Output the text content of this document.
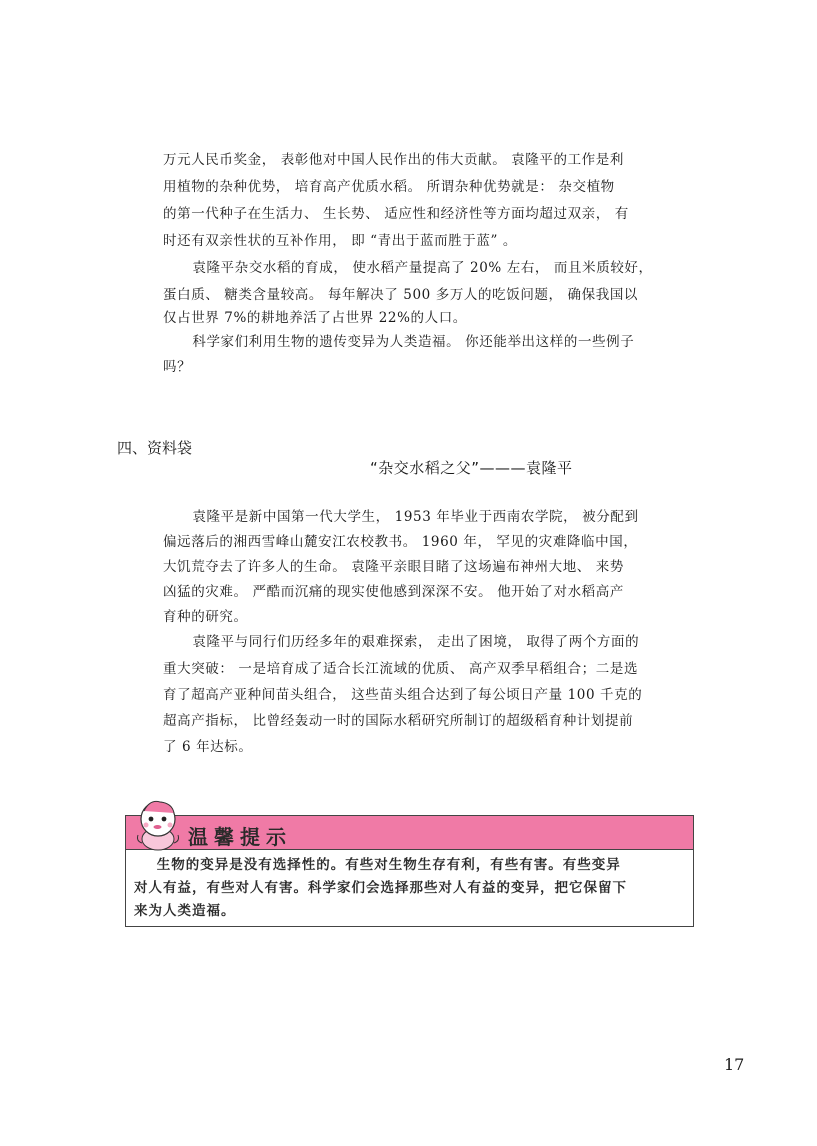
万元人民币奖金， 表彰他对中国人民作出的伟大贡献。 袁隆平的工作是利
用植物的杂种优势， 培育高产优质水稻。 所谓杂种优势就是： 杂交植物
的第一代种子在生活力、 生长势、 适应性和经济性等方面均超过双亲， 有
时还有双亲性状的互补作用， 即 “青出于蓝而胜于蓝” 。
袁隆平杂交水稻的育成， 使水稻产量提高了 20% 左右， 而且米质较好，
蛋白质、 糖类含量较高。 每年解决了 500 多万人的吃饭问题， 确保我国以
仅占世界 7%的耕地养活了占世界 22%的人口。
科学家们利用生物的遗传变异为人类造福。 你还能举出这样的一些例子
吗？
四、资料袋
“杂交水稻之父”———袁隆平
袁隆平是新中国第一代大学生， 1953 年毕业于西南农学院， 被分配到
偏远落后的湘西雪峰山麓安江农校教书。 1960 年， 罕见的灾难降临中国，
大饥荒夺去了许多人的生命。 袁隆平亲眼目睹了这场遍布神州大地、 来势
凶猛的灾难。 严酷而沉痛的现实使他感到深深不安。 他开始了对水稻高产
育种的研究。
袁隆平与同行们历经多年的艰难探索， 走出了困境， 取得了两个方面的
重大突破： 一是培育成了适合长江流域的优质、 高产双季早稻组合；二是选
育了超高产亚种间苗头组合， 这些苗头组合达到了每公顷日产量 100 千克的
超高产指标， 比曾经轰动一时的国际水稻研究所制订的超级稻育种计划提前
了 6 年达标。
温馨提示
生物的变异是没有选择性的。有些对生物生存有利，有些有害。有些变异
对人有益，有些对人有害。科学家们会选择那些对人有益的变异，把它保留下
来为人类造福。
17
